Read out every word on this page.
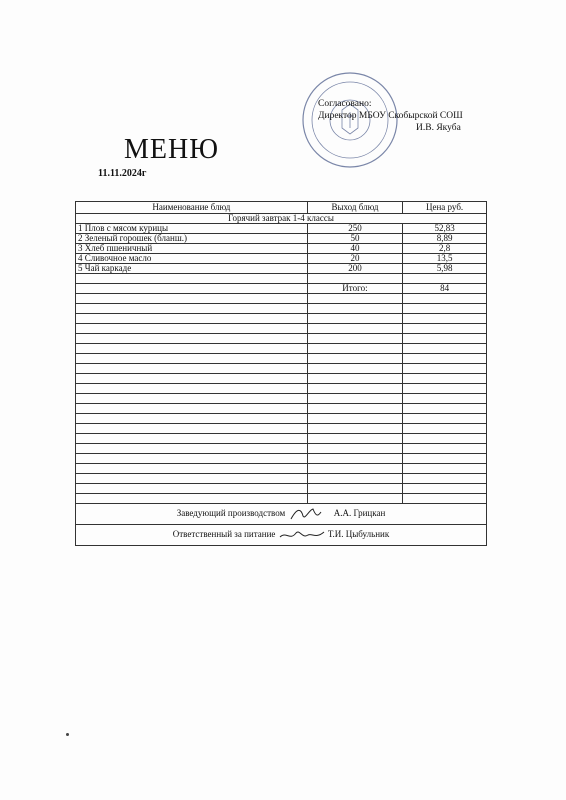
Согласовано:
Директор МБОУ Скобырской СОШ
И.В. Якуба
МЕНЮ
11.11.2024г
Наименование блюд	Выход блюд	Цена руб.
Горячий завтрак 1-4 классы		
1 Плов с мясом курицы	250	52,83
2 Зеленый горошек (бланш.)	50	8,89
3 Хлеб пшеничный	40	2,8
4 Сливочное масло	20	13,5
5 Чай каркаде	200	5,98

	Итого:	84

Заведующий производством А.А. Грицкан		
Ответственный за питание Т.И. Цыбульник		
